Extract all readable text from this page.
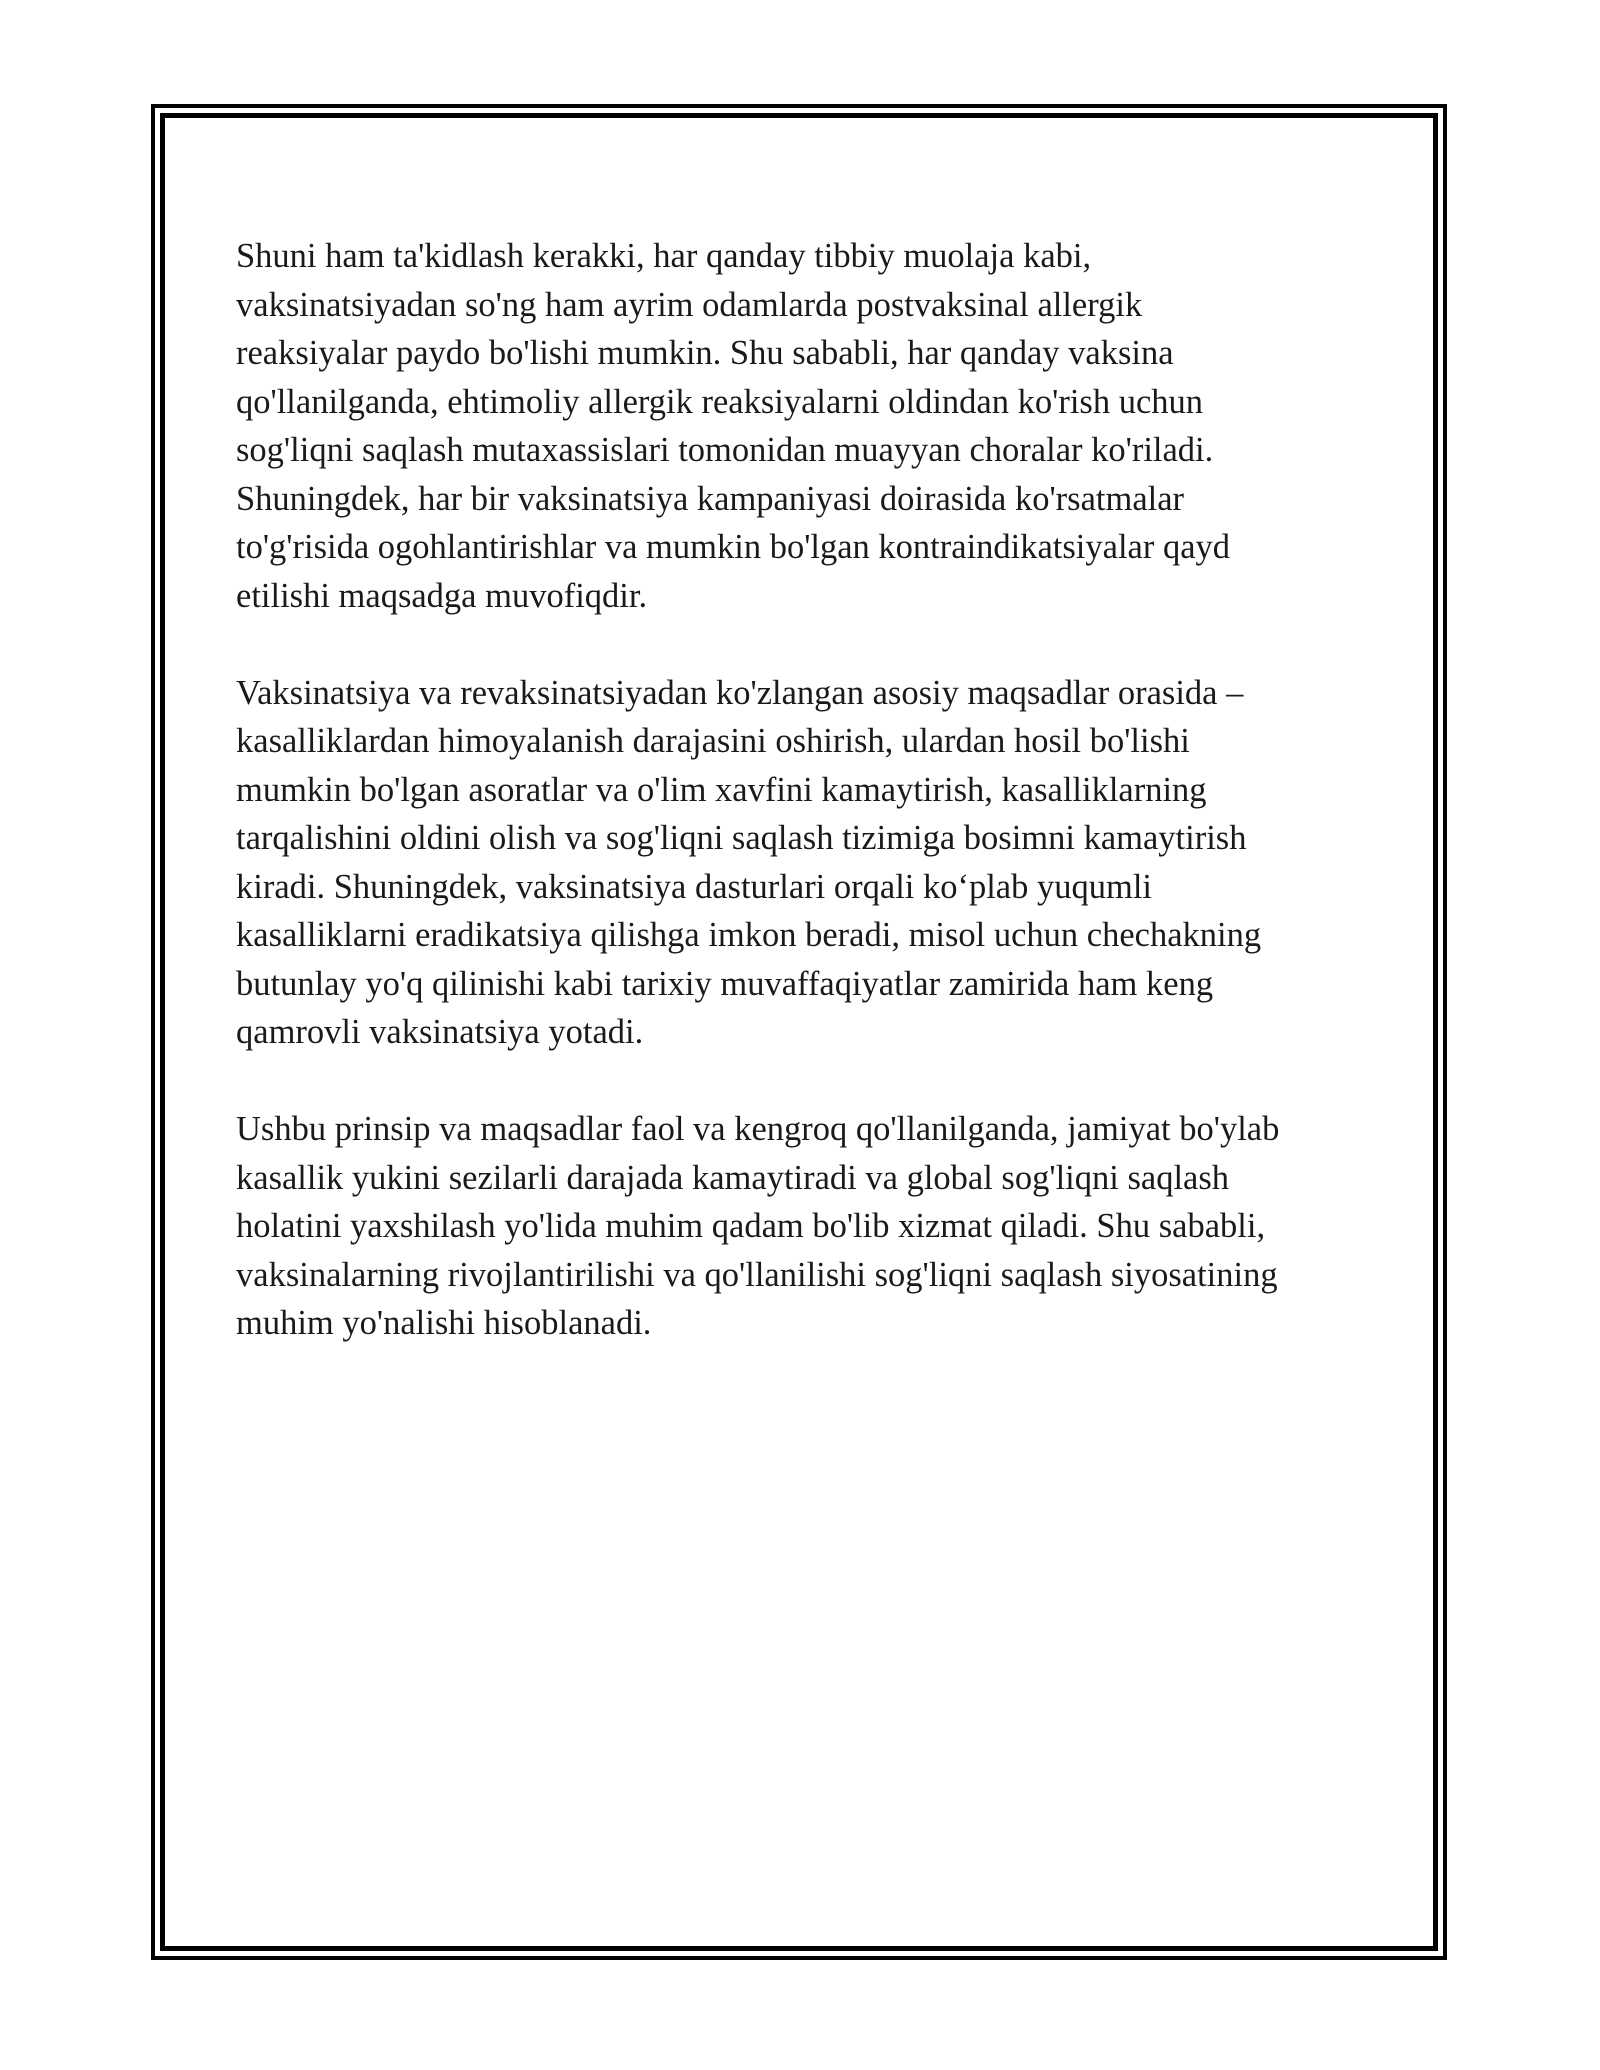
Shuni ham ta'kidlash kerakki, har qanday tibbiy muolaja kabi,
vaksinatsiyadan so'ng ham ayrim odamlarda postvaksinal allergik
reaksiyalar paydo bo'lishi mumkin. Shu sababli, har qanday vaksina
qo'llanilganda, ehtimoliy allergik reaksiyalarni oldindan ko'rish uchun
sog'liqni saqlash mutaxassislari tomonidan muayyan choralar ko'riladi.
Shuningdek, har bir vaksinatsiya kampaniyasi doirasida ko'rsatmalar
to'g'risida ogohlantirishlar va mumkin bo'lgan kontraindikatsiyalar qayd
etilishi maqsadga muvofiqdir.

Vaksinatsiya va revaksinatsiyadan ko'zlangan asosiy maqsadlar orasida –
kasalliklardan himoyalanish darajasini oshirish, ulardan hosil bo'lishi
mumkin bo'lgan asoratlar va o'lim xavfini kamaytirish, kasalliklarning
tarqalishini oldini olish va sog'liqni saqlash tizimiga bosimni kamaytirish
kiradi. Shuningdek, vaksinatsiya dasturlari orqali ko‘plab yuqumli
kasalliklarni eradikatsiya qilishga imkon beradi, misol uchun chechakning
butunlay yo'q qilinishi kabi tarixiy muvaffaqiyatlar zamirida ham keng
qamrovli vaksinatsiya yotadi.

Ushbu prinsip va maqsadlar faol va kengroq qo'llanilganda, jamiyat bo'ylab
kasallik yukini sezilarli darajada kamaytiradi va global sog'liqni saqlash
holatini yaxshilash yo'lida muhim qadam bo'lib xizmat qiladi. Shu sababli,
vaksinalarning rivojlantirilishi va qo'llanilishi sog'liqni saqlash siyosatining
muhim yo'nalishi hisoblanadi.
